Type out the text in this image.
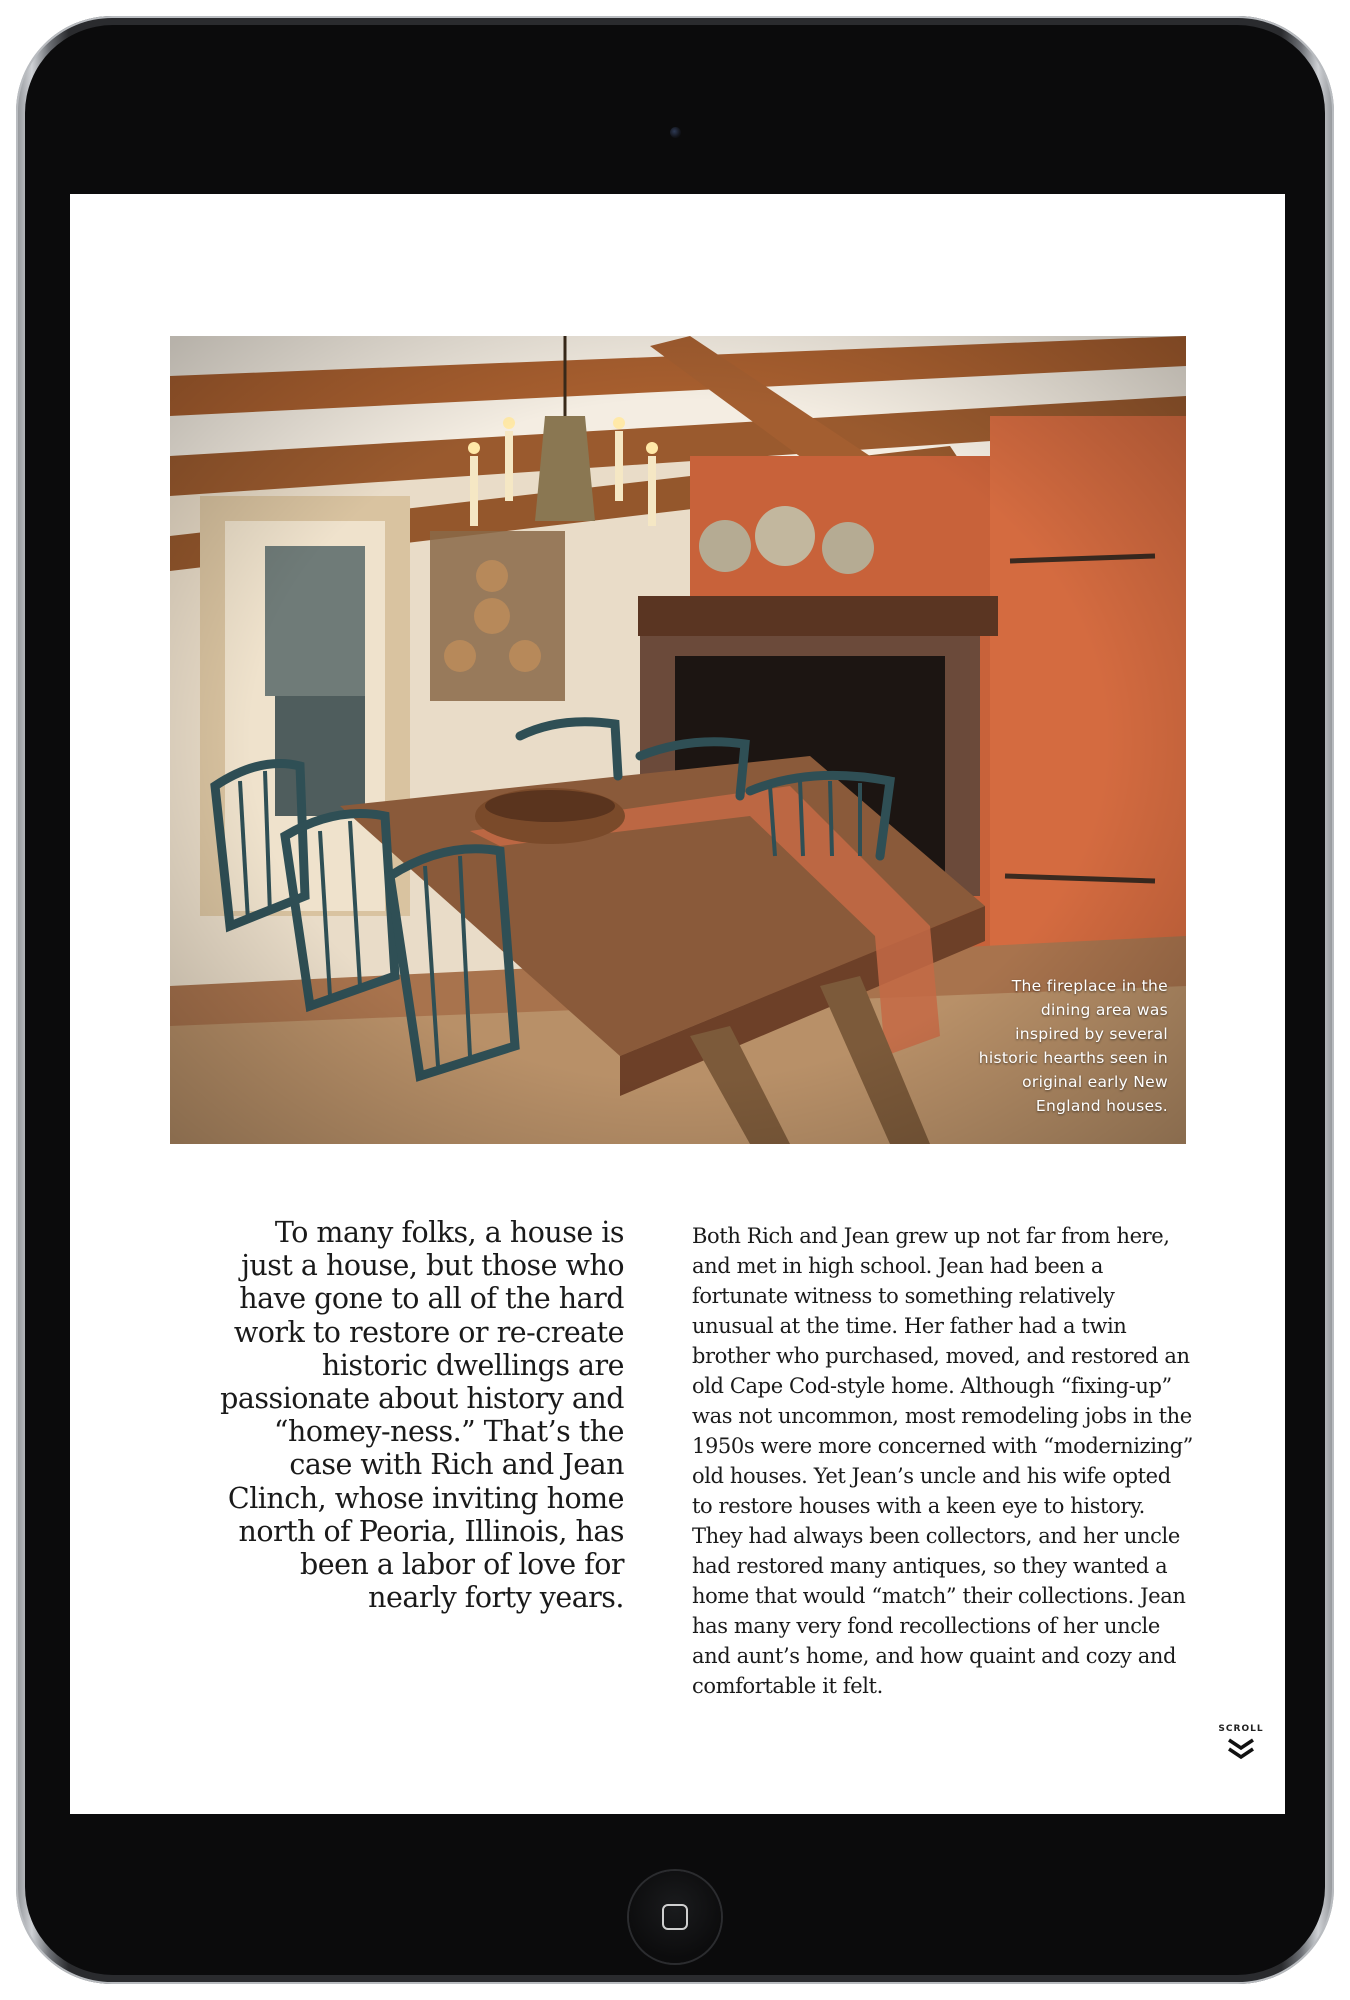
The fireplace in the dining area was inspired by several historic hearths seen in original early New England houses.

To many folks, a house is just a house, but those who have gone to all of the hard work to restore or re-create historic dwellings are passionate about history and “homey-ness.” That’s the case with Rich and Jean Clinch, whose inviting home north of Peoria, Illinois, has been a labor of love for nearly forty years.

Both Rich and Jean grew up not far from here, and met in high school. Jean had been a fortunate witness to something relatively unusual at the time. Her father had a twin brother who purchased, moved, and restored an old Cape Cod-style home. Although “fixing-up” was not uncommon, most remodeling jobs in the 1950s were more concerned with “modernizing” old houses. Yet Jean’s uncle and his wife opted to restore houses with a keen eye to history. They had always been collectors, and her uncle had restored many antiques, so they wanted a home that would “match” their collections. Jean has many very fond recollections of her uncle and aunt’s home, and how quaint and cozy and comfortable it felt.

SCROLL
